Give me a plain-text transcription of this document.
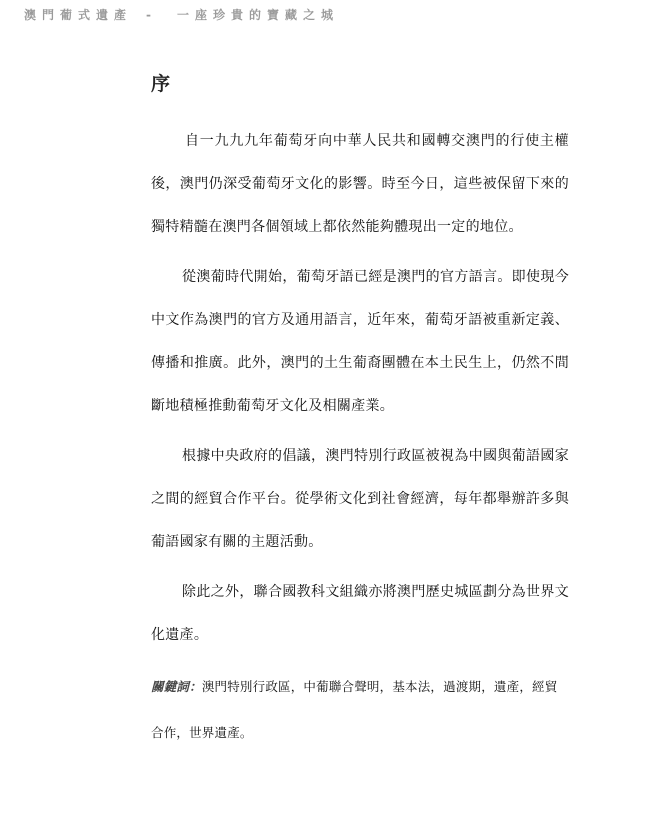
澳門葡式遺產 - 一座珍貴的寶藏之城
序

自一九九九年葡萄牙向中華人民共和國轉交澳門的行使主權後，澳門仍深受葡萄牙文化的影響。時至今日，這些被保留下來的獨特精髓在澳門各個領域上都依然能夠體現出一定的地位。

從澳葡時代開始，葡萄牙語已經是澳門的官方語言。即使現今中文作為澳門的官方及通用語言，近年來，葡萄牙語被重新定義、傳播和推廣。此外，澳門的土生葡裔團體在本土民生上，仍然不間斷地積極推動葡萄牙文化及相關產業。

根據中央政府的倡議，澳門特別行政區被視為中國與葡語國家之間的經貿合作平台。從學術文化到社會經濟，每年都舉辦許多與葡語國家有關的主題活動。

除此之外，聯合國教科文組織亦將澳門歷史城區劃分為世界文化遺產。

關鍵詞：澳門特別行政區，中葡聯合聲明，基本法，過渡期，遺產，經貿合作，世界遺產。
